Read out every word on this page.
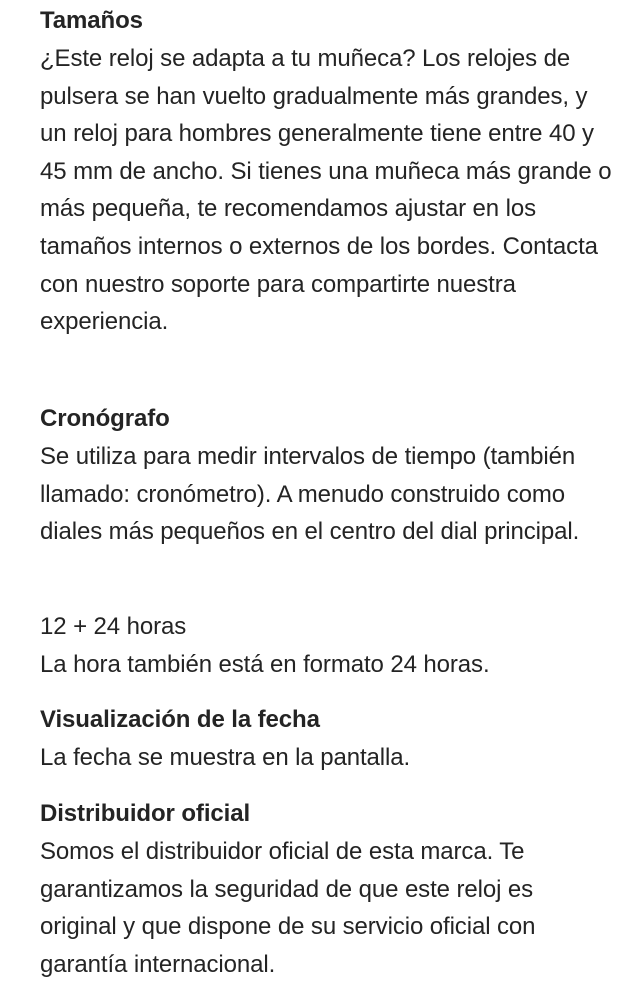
Tamaños

¿Este reloj se adapta a tu muñeca? Los relojes de pulsera se han vuelto gradualmente más grandes, y un reloj para hombres generalmente tiene entre 40 y 45 mm de ancho. Si tienes una muñeca más grande o más pequeña, te recomendamos ajustar en los tamaños internos o externos de los bordes. Contacta con nuestro soporte para compartirte nuestra experiencia.

Cronógrafo

Se utiliza para medir intervalos de tiempo (también llamado: cronómetro). A menudo construido como diales más pequeños en el centro del dial principal.

12 + 24 horas

La hora también está en formato 24 horas.

Visualización de la fecha

La fecha se muestra en la pantalla.

Distribuidor oficial

Somos el distribuidor oficial de esta marca. Te garantizamos la seguridad de que este reloj es original y que dispone de su servicio oficial con garantía internacional.
